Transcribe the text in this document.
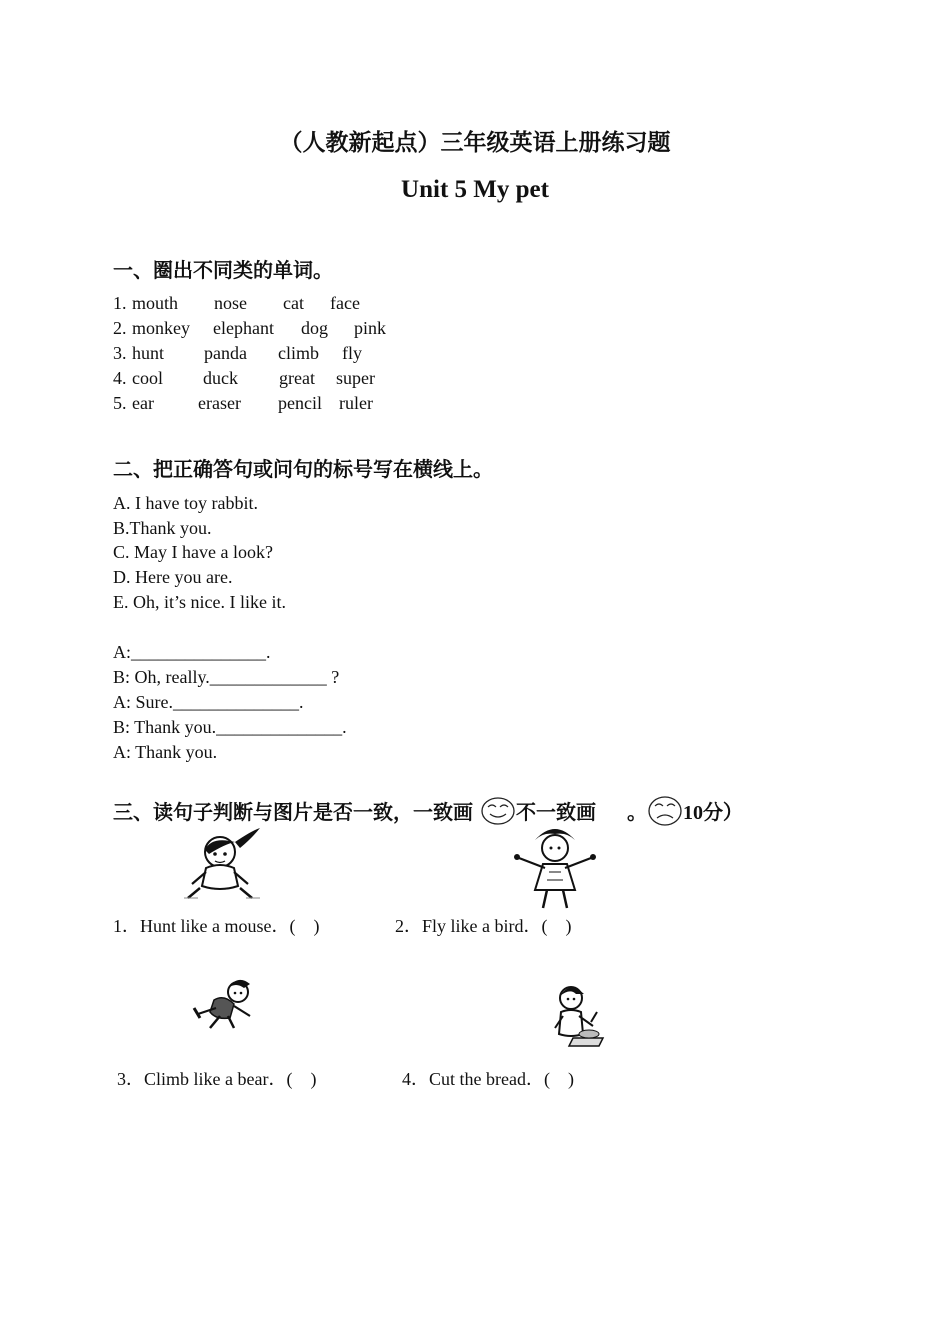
（人教新起点）三年级英语上册练习题
Unit 5 My pet
一、圈出不同类的单词。
1. mouth nose cat face
2. monkey elephant dog pink
3. hunt panda climb fly
4. cool duck great super
5. ear eraser pencil ruler
二、把正确答句或问句的标号写在横线上。
A. I have toy rabbit.
B.Thank you.
C. May I have a look?
D. Here you are.
E. Oh, it’s nice. I like it.
A:_______________.
B: Oh, really._____________ ?
A: Sure.______________.
B: Thank you.______________.
A: Thank you.
三、读句子判断与图片是否一致，一致画 不一致画 。 10分）
1．Hunt like a mouse．(　)	2．Fly like a bird．(　)
3．Climb like a bear．(　)	4．Cut the bread．(　)
